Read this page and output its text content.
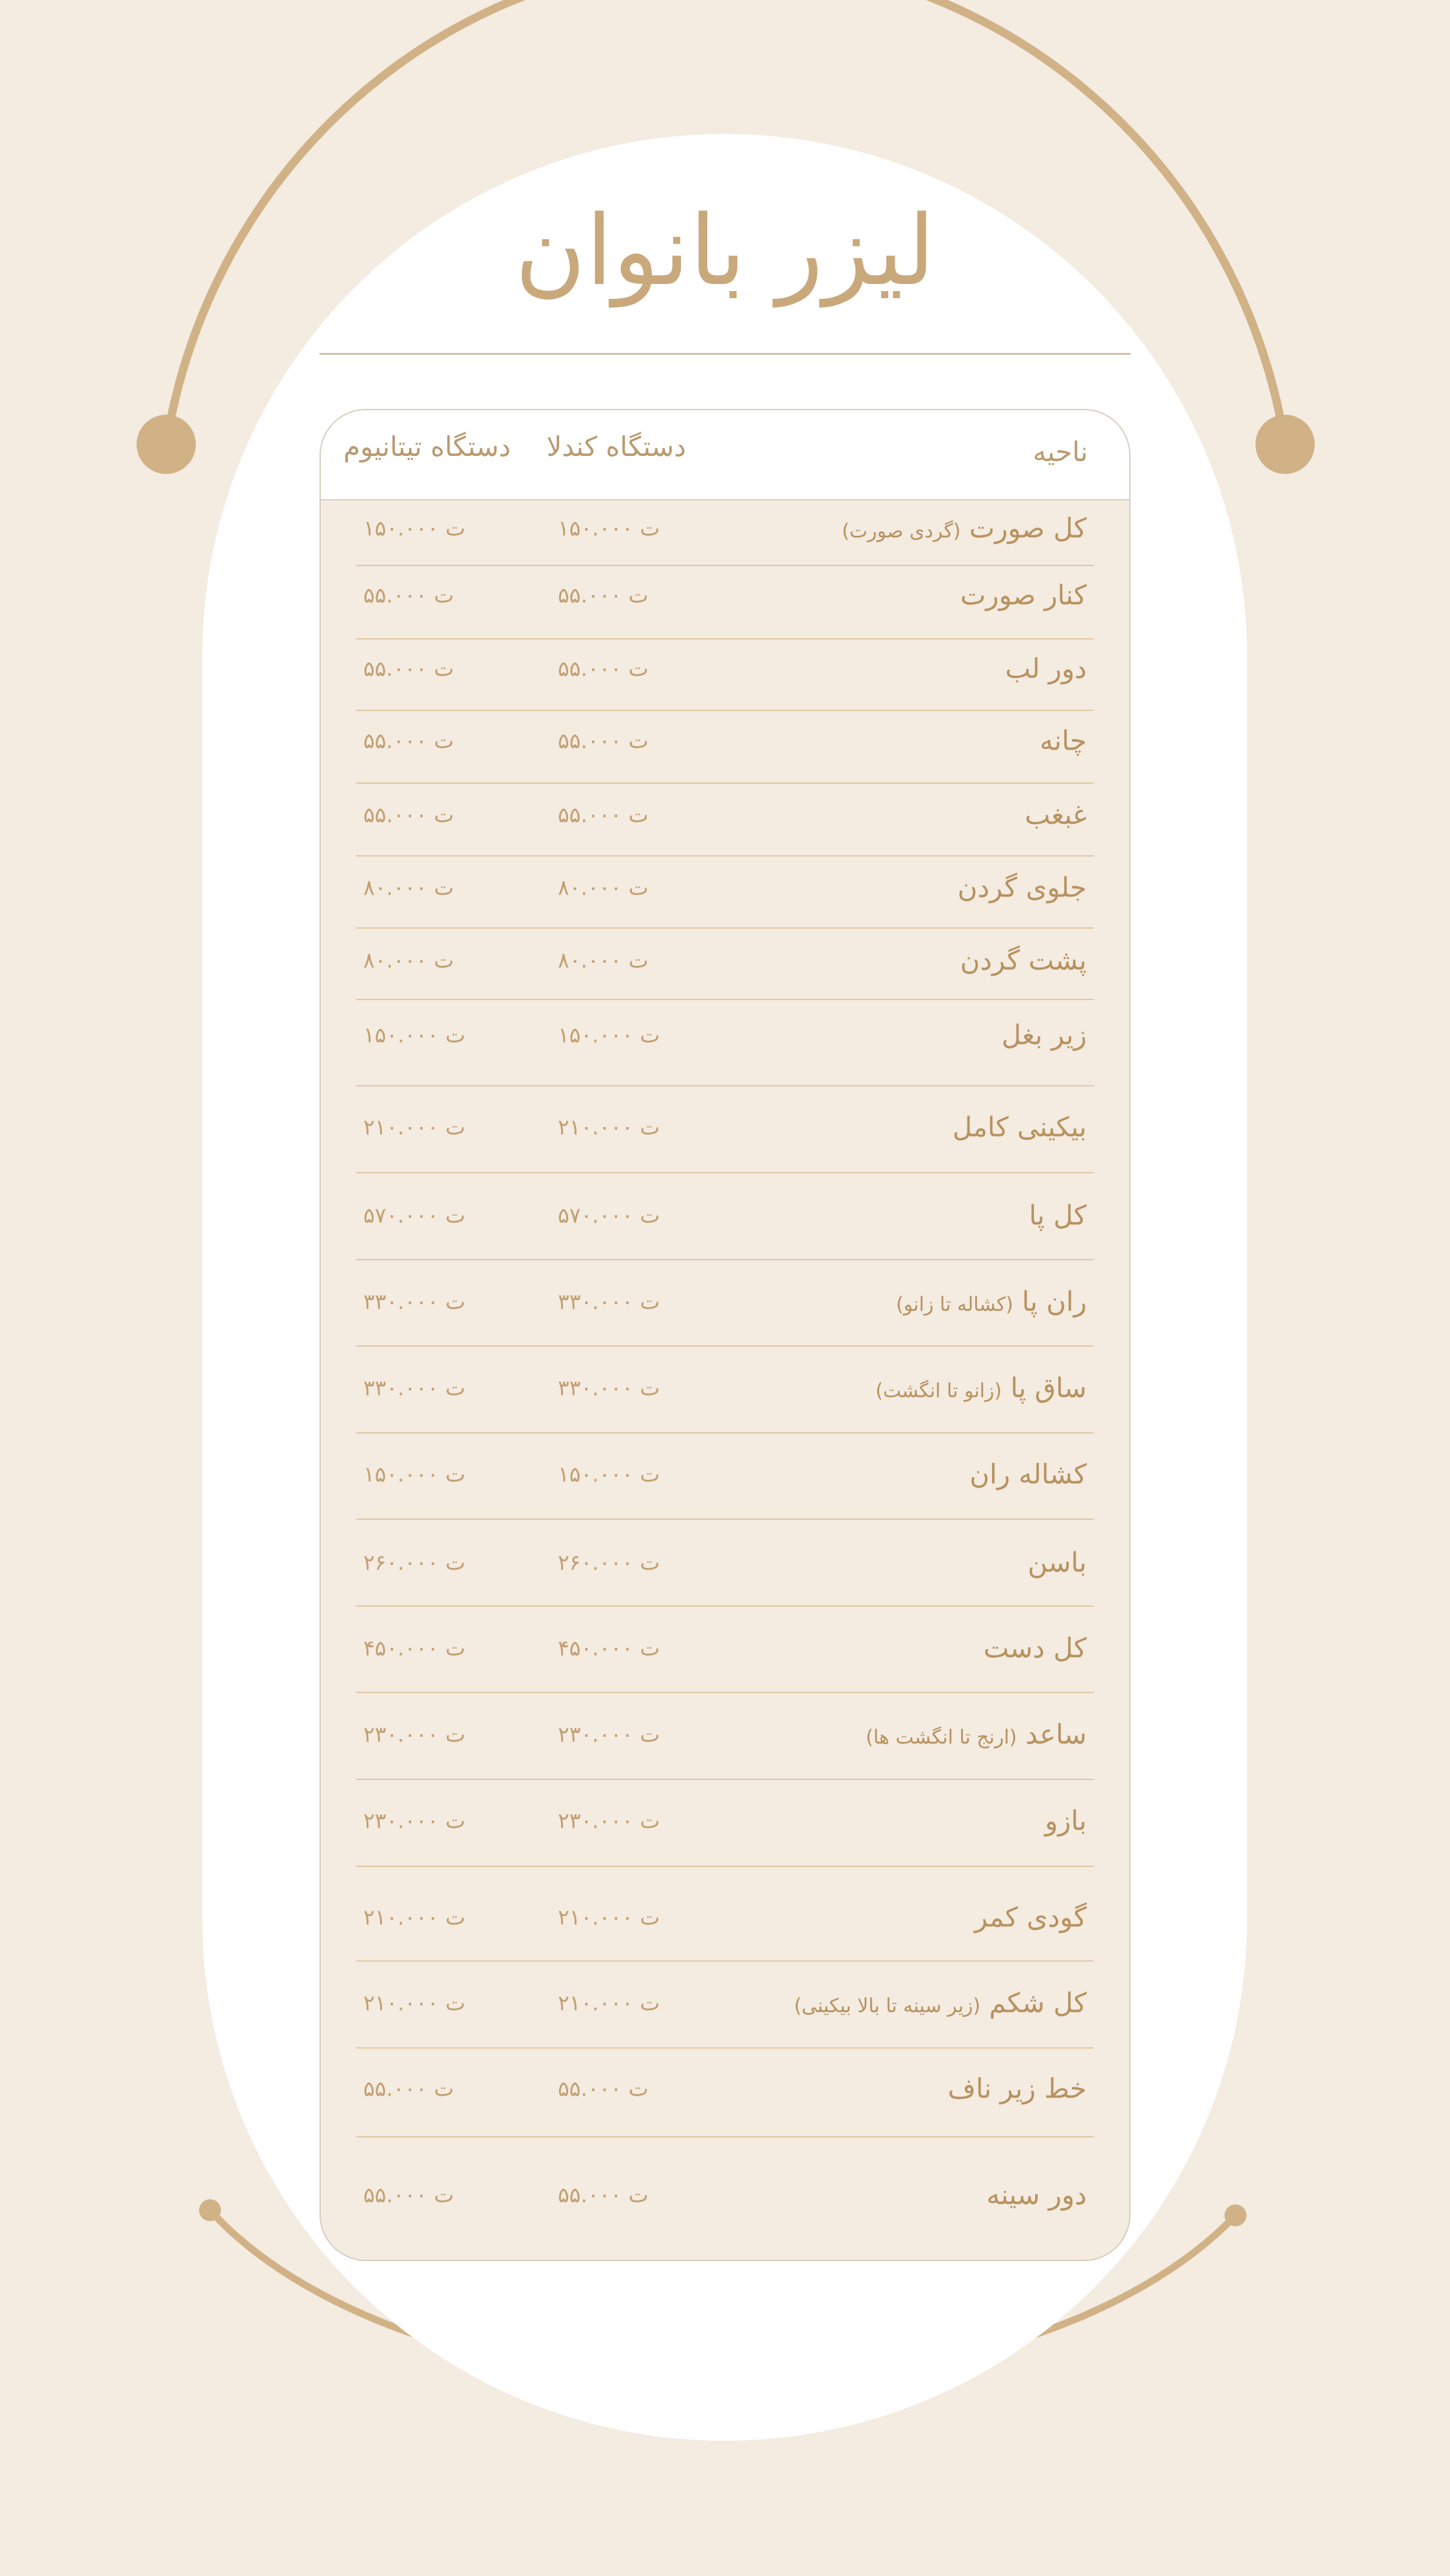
لیزر بانوان
ناحیه
دستگاه کندلا
دستگاه تیتانیوم
کل صورت (گردی صورت)
ت ۱۵۰.۰۰۰
ت ۱۵۰.۰۰۰
کنار صورت
ت ۵۵.۰۰۰
ت ۵۵.۰۰۰
دور لب
ت ۵۵.۰۰۰
ت ۵۵.۰۰۰
چانه
ت ۵۵.۰۰۰
ت ۵۵.۰۰۰
غبغب
ت ۵۵.۰۰۰
ت ۵۵.۰۰۰
جلوی گردن
ت ۸۰.۰۰۰
ت ۸۰.۰۰۰
پشت گردن
ت ۸۰.۰۰۰
ت ۸۰.۰۰۰
زیر بغل
ت ۱۵۰.۰۰۰
ت ۱۵۰.۰۰۰
بیکینی کامل
ت ۲۱۰.۰۰۰
ت ۲۱۰.۰۰۰
کل پا
ت ۵۷۰.۰۰۰
ت ۵۷۰.۰۰۰
ران پا (کشاله تا زانو)
ت ۳۳۰.۰۰۰
ت ۳۳۰.۰۰۰
ساق پا (زانو تا انگشت)
ت ۳۳۰.۰۰۰
ت ۳۳۰.۰۰۰
کشاله ران
ت ۱۵۰.۰۰۰
ت ۱۵۰.۰۰۰
باسن
ت ۲۶۰.۰۰۰
ت ۲۶۰.۰۰۰
کل دست
ت ۴۵۰.۰۰۰
ت ۴۵۰.۰۰۰
ساعد (ارنج تا انگشت ها)
ت ۲۳۰.۰۰۰
ت ۲۳۰.۰۰۰
بازو
ت ۲۳۰.۰۰۰
ت ۲۳۰.۰۰۰
گودی کمر
ت ۲۱۰.۰۰۰
ت ۲۱۰.۰۰۰
کل شکم (زیر سینه تا بالا بیکینی)
ت ۲۱۰.۰۰۰
ت ۲۱۰.۰۰۰
خط زیر ناف
ت ۵۵.۰۰۰
ت ۵۵.۰۰۰
دور سینه
ت ۵۵.۰۰۰
ت ۵۵.۰۰۰
